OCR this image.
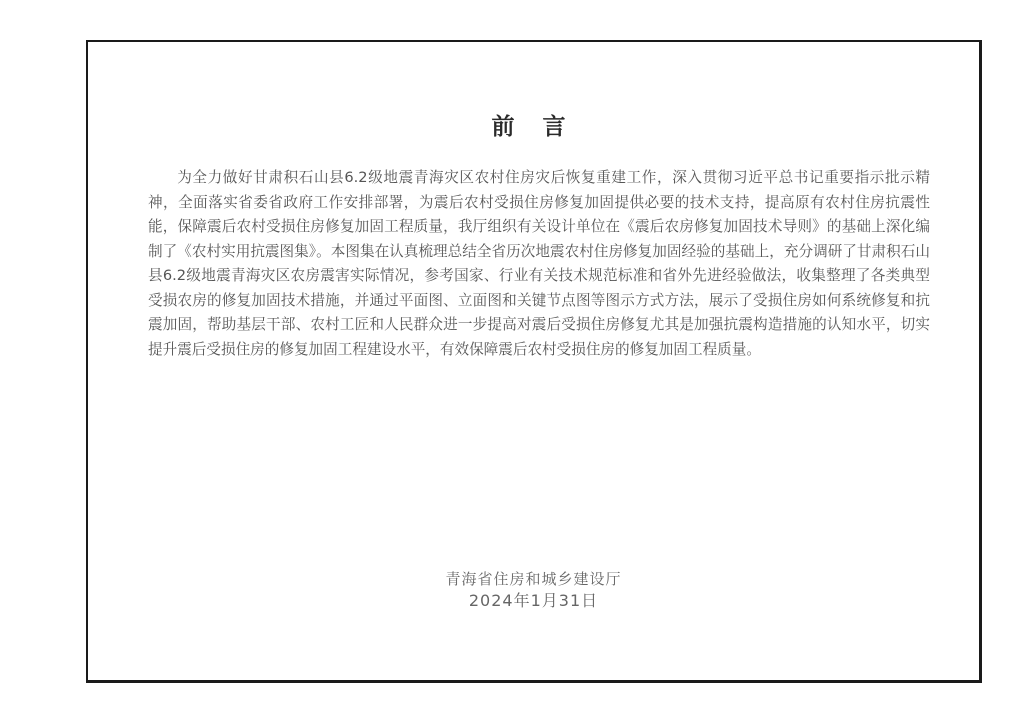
前 言

为全力做好甘肃积石山县6.2级地震青海灾区农村住房灾后恢复重建工作，深入贯彻习近平总书记重要指示批示精神，全面落实省委省政府工作安排部署，为震后农村受损住房修复加固提供必要的技术支持，提高原有农村住房抗震性能，保障震后农村受损住房修复加固工程质量，我厅组织有关设计单位在《震后农房修复加固技术导则》的基础上深化编制了《农村实用抗震图集》。本图集在认真梳理总结全省历次地震农村住房修复加固经验的基础上，充分调研了甘肃积石山县6.2级地震青海灾区农房震害实际情况，参考国家、行业有关技术规范标准和省外先进经验做法，收集整理了各类典型受损农房的修复加固技术措施，并通过平面图、立面图和关键节点图等图示方式方法，展示了受损住房如何系统修复和抗震加固，帮助基层干部、农村工匠和人民群众进一步提高对震后受损住房修复尤其是加强抗震构造措施的认知水平，切实提升震后受损住房的修复加固工程建设水平，有效保障震后农村受损住房的修复加固工程质量。

青海省住房和城乡建设厅
2024年1月31日
